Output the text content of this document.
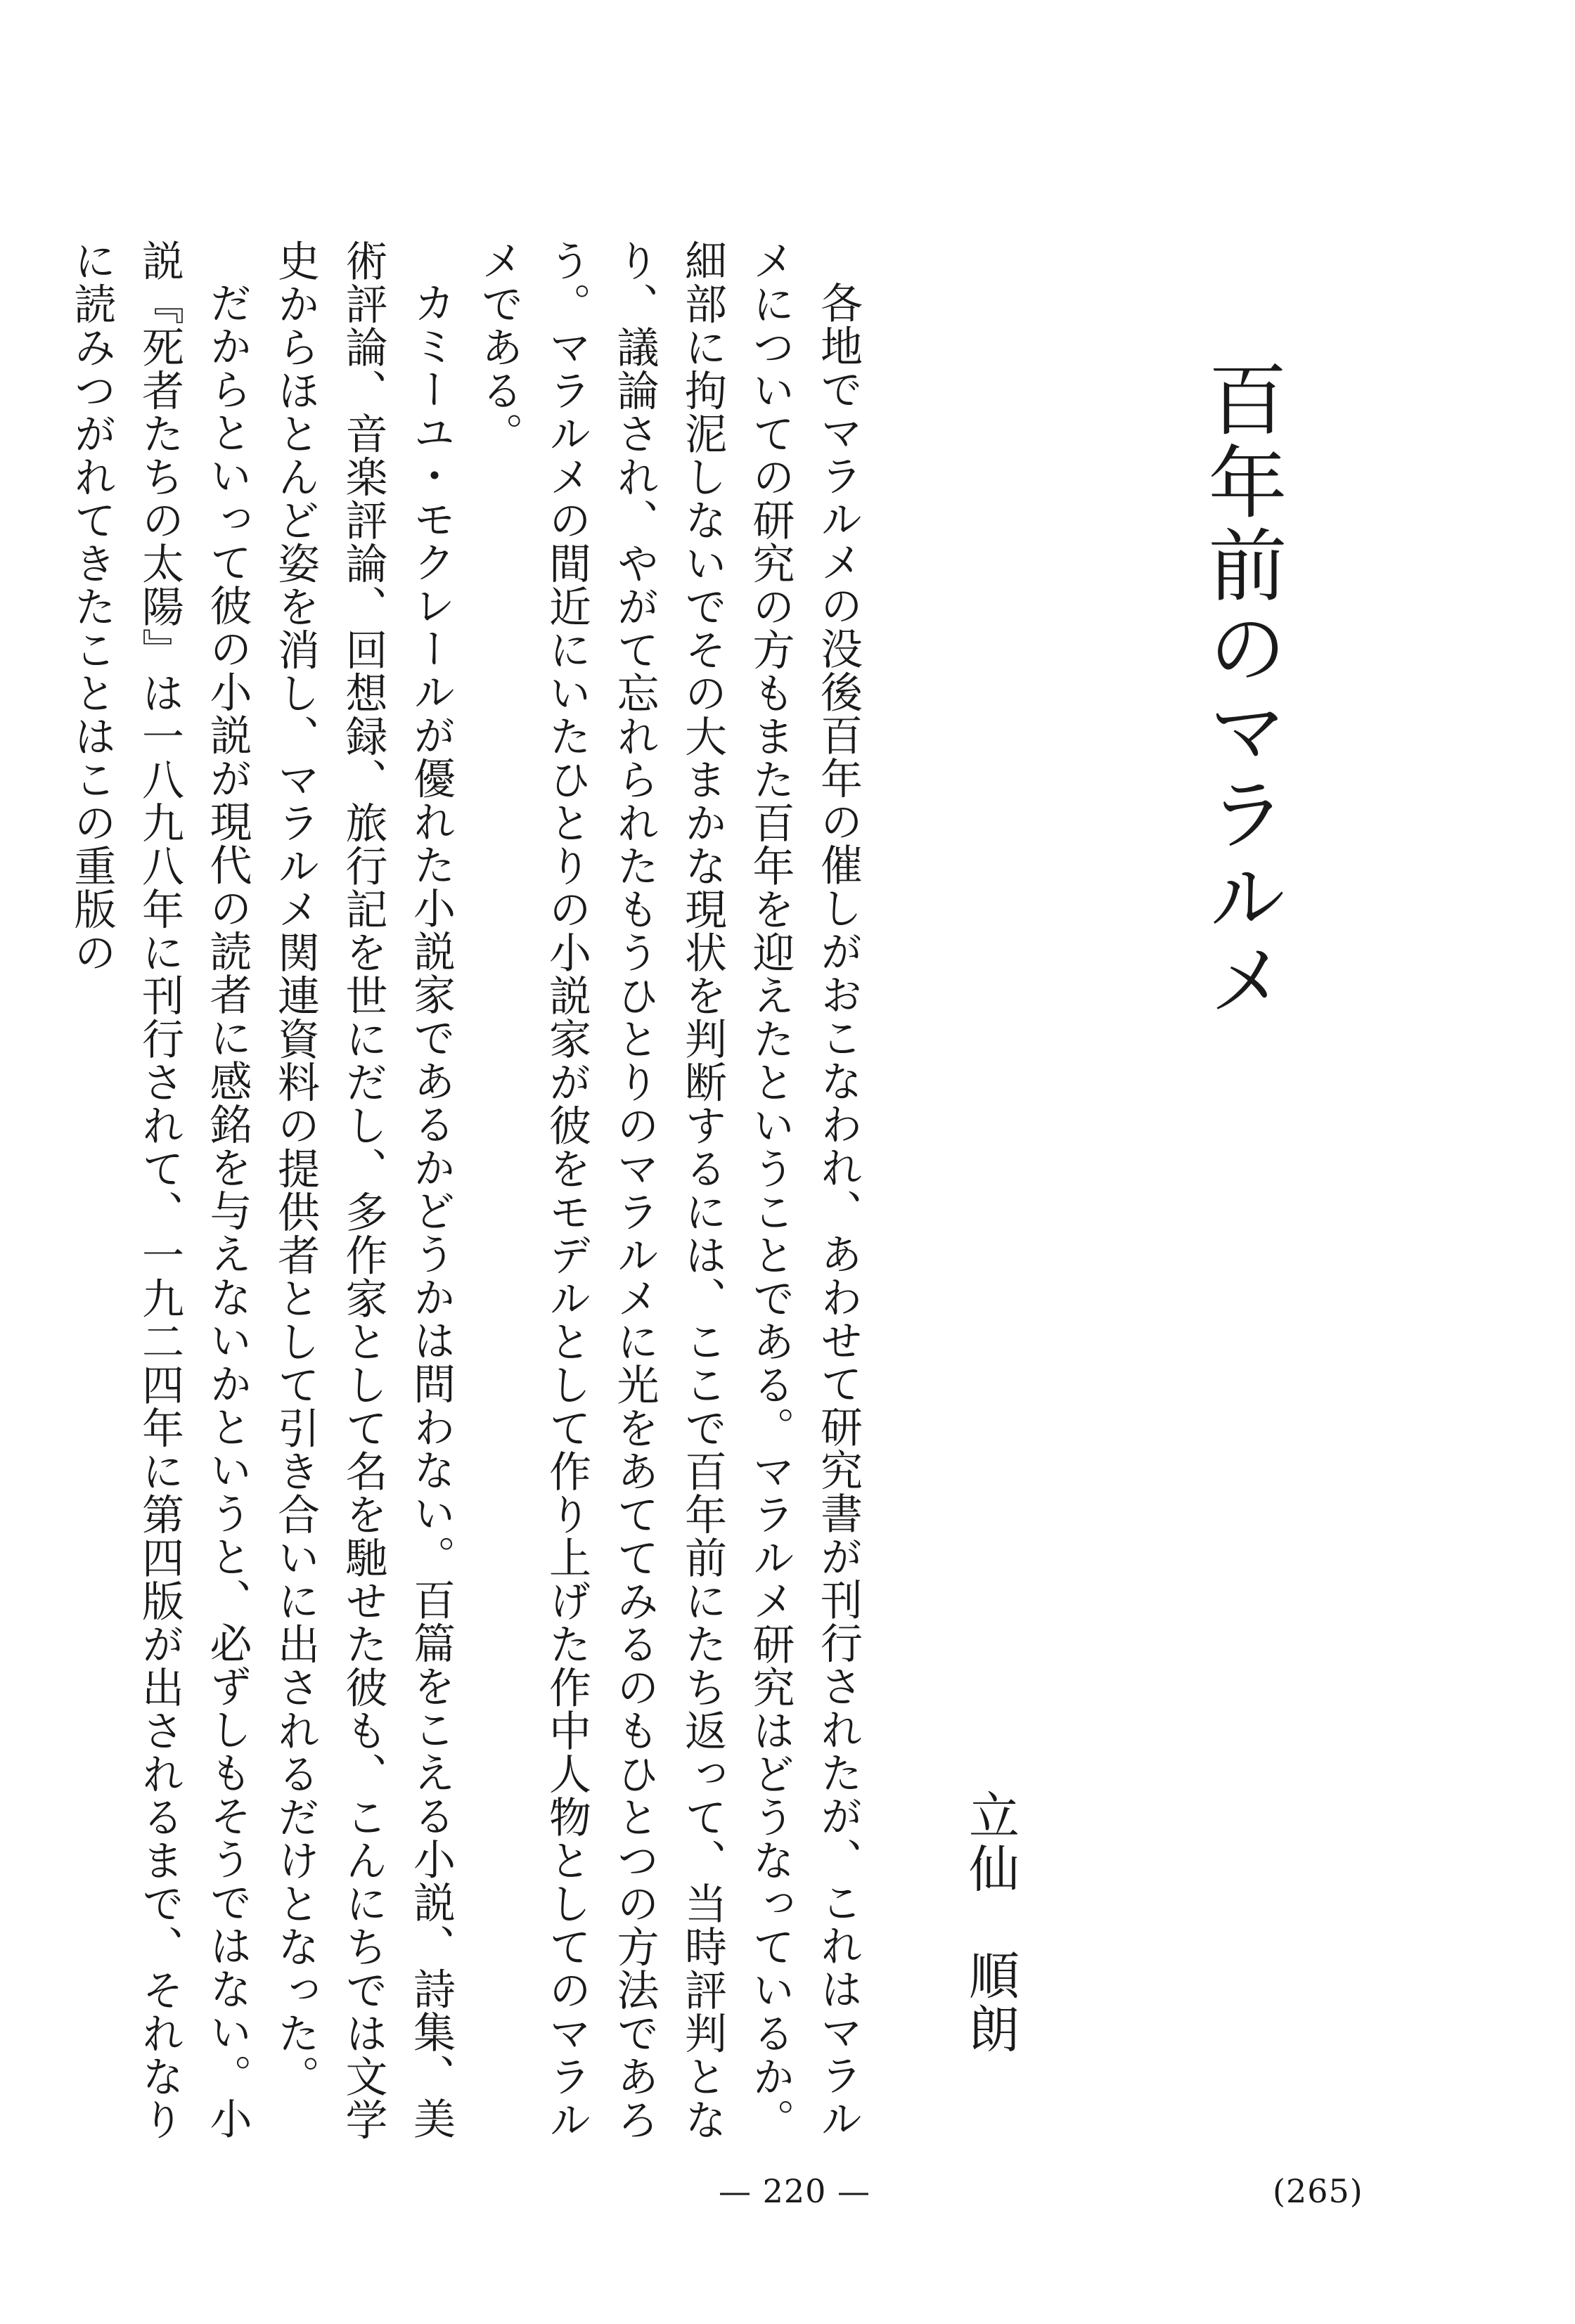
百年前のマラルメ
立仙　順朗

各地でマラルメの没後百年の催しがおこなわれ、あわせて研究書が刊行されたが、これはマラルメについての研究の方もまた百年を迎えたということである。マラルメ研究はどうなっているか。細部に拘泥しないでその大まかな現状を判断するには、ここで百年前にたち返って、当時評判となり、議論され、やがて忘れられたもうひとりのマラルメに光をあててみるのもひとつの方法であろう。マラルメの間近にいたひとりの小説家が彼をモデルとして作り上げた作中人物としてのマラルメである。

カミーユ・モクレールが優れた小説家であるかどうかは問わない。百篇をこえる小説、詩集、美術評論、音楽評論、回想録、旅行記を世にだし、多作家として名を馳せた彼も、こんにちでは文学史からほとんど姿を消し、マラルメ関連資料の提供者として引き合いに出されるだけとなった。

だからといって彼の小説が現代の読者に感銘を与えないかというと、必ずしもそうではない。小説『死者たちの太陽』は一八九八年に刊行されて、一九二四年に第四版が出されるまで、それなりに読みつがれてきたことはこの重版の

— 220 —	(265)
